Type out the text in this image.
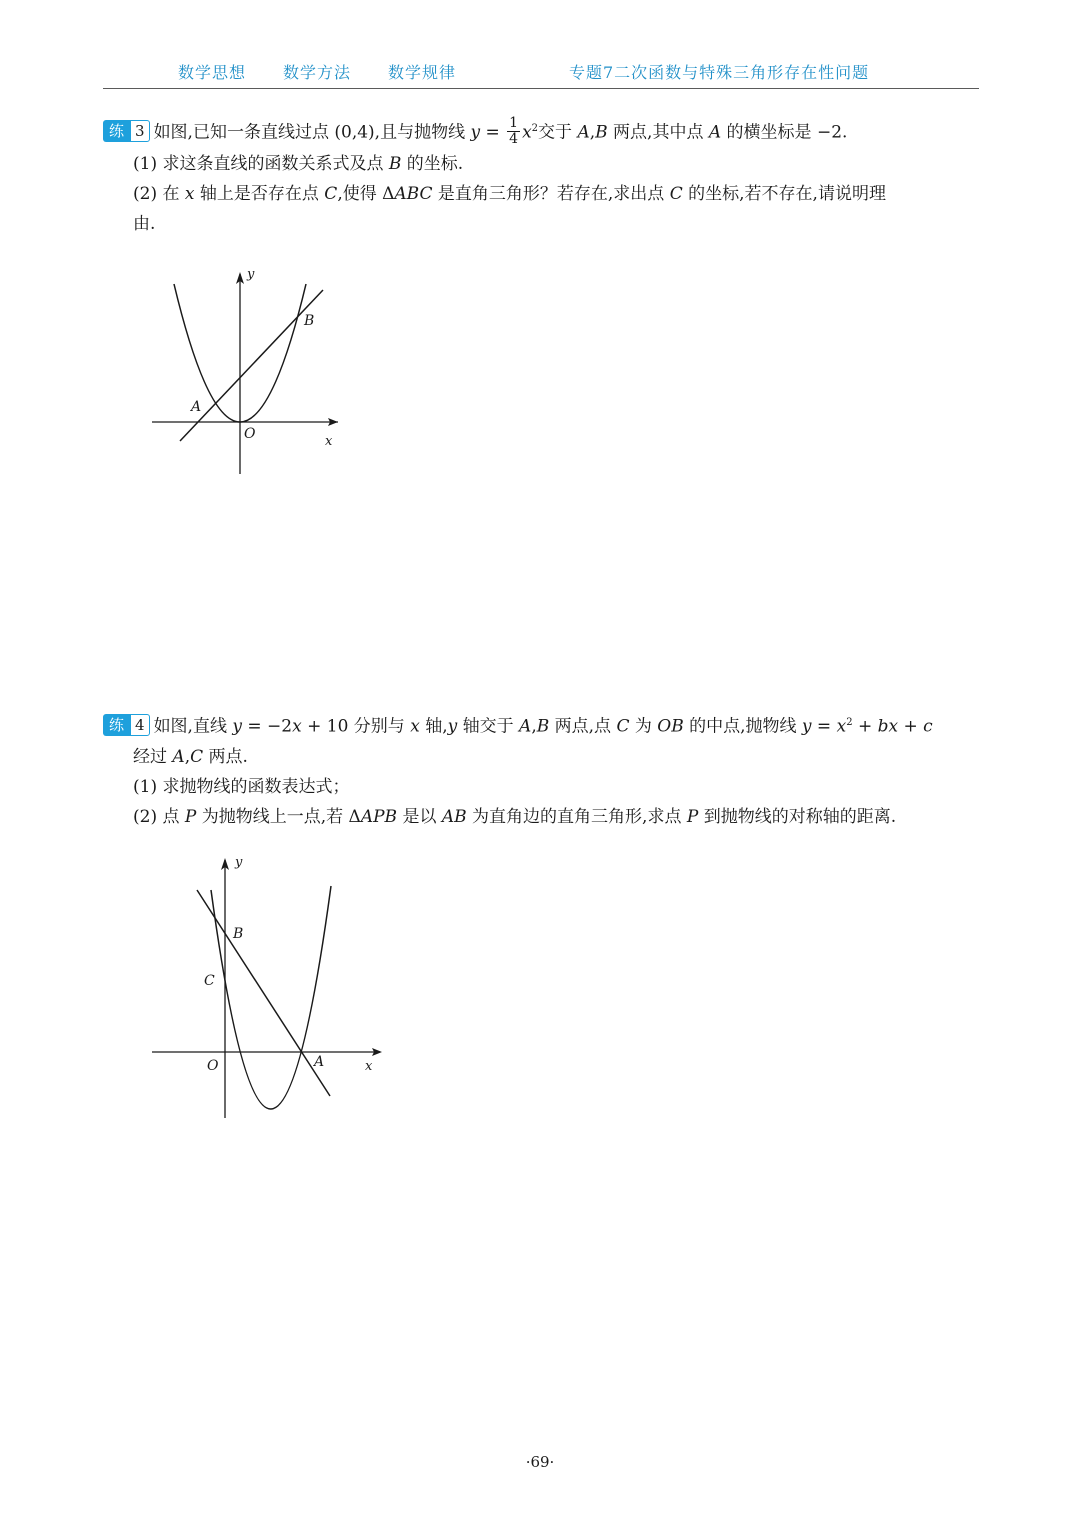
数学思想 数学方法 数学规律	专题7二次函数与特殊三角形存在性问题
练 3 如图,已知一条直线过点 (0,4),且与抛物线 $y = \frac{1}{4} x^2$交于 A,B 两点,其中点 A 的横坐标是 −2.
(1) 求这条直线的函数关系式及点 B 的坐标.
(2) 在 x 轴上是否存在点 C,使得 ΔABC 是直角三角形？若存在,求出点 C 的坐标,若不存在,请说明理
由.
y
x
O
A
B
练 4 如图,直线 y = −2x + 10 分别与 x 轴,y 轴交于 A,B 两点,点 C 为 OB 的中点,抛物线 $y = x^2$ + bx + c
经过 A,C 两点.
(1) 求抛物线的函数表达式；
(2) 点 P 为抛物线上一点,若 ΔAPB 是以 AB 为直角边的直角三角形,求点 P 到抛物线的对称轴的距离.
y
x
O	A
B
C
·69·
